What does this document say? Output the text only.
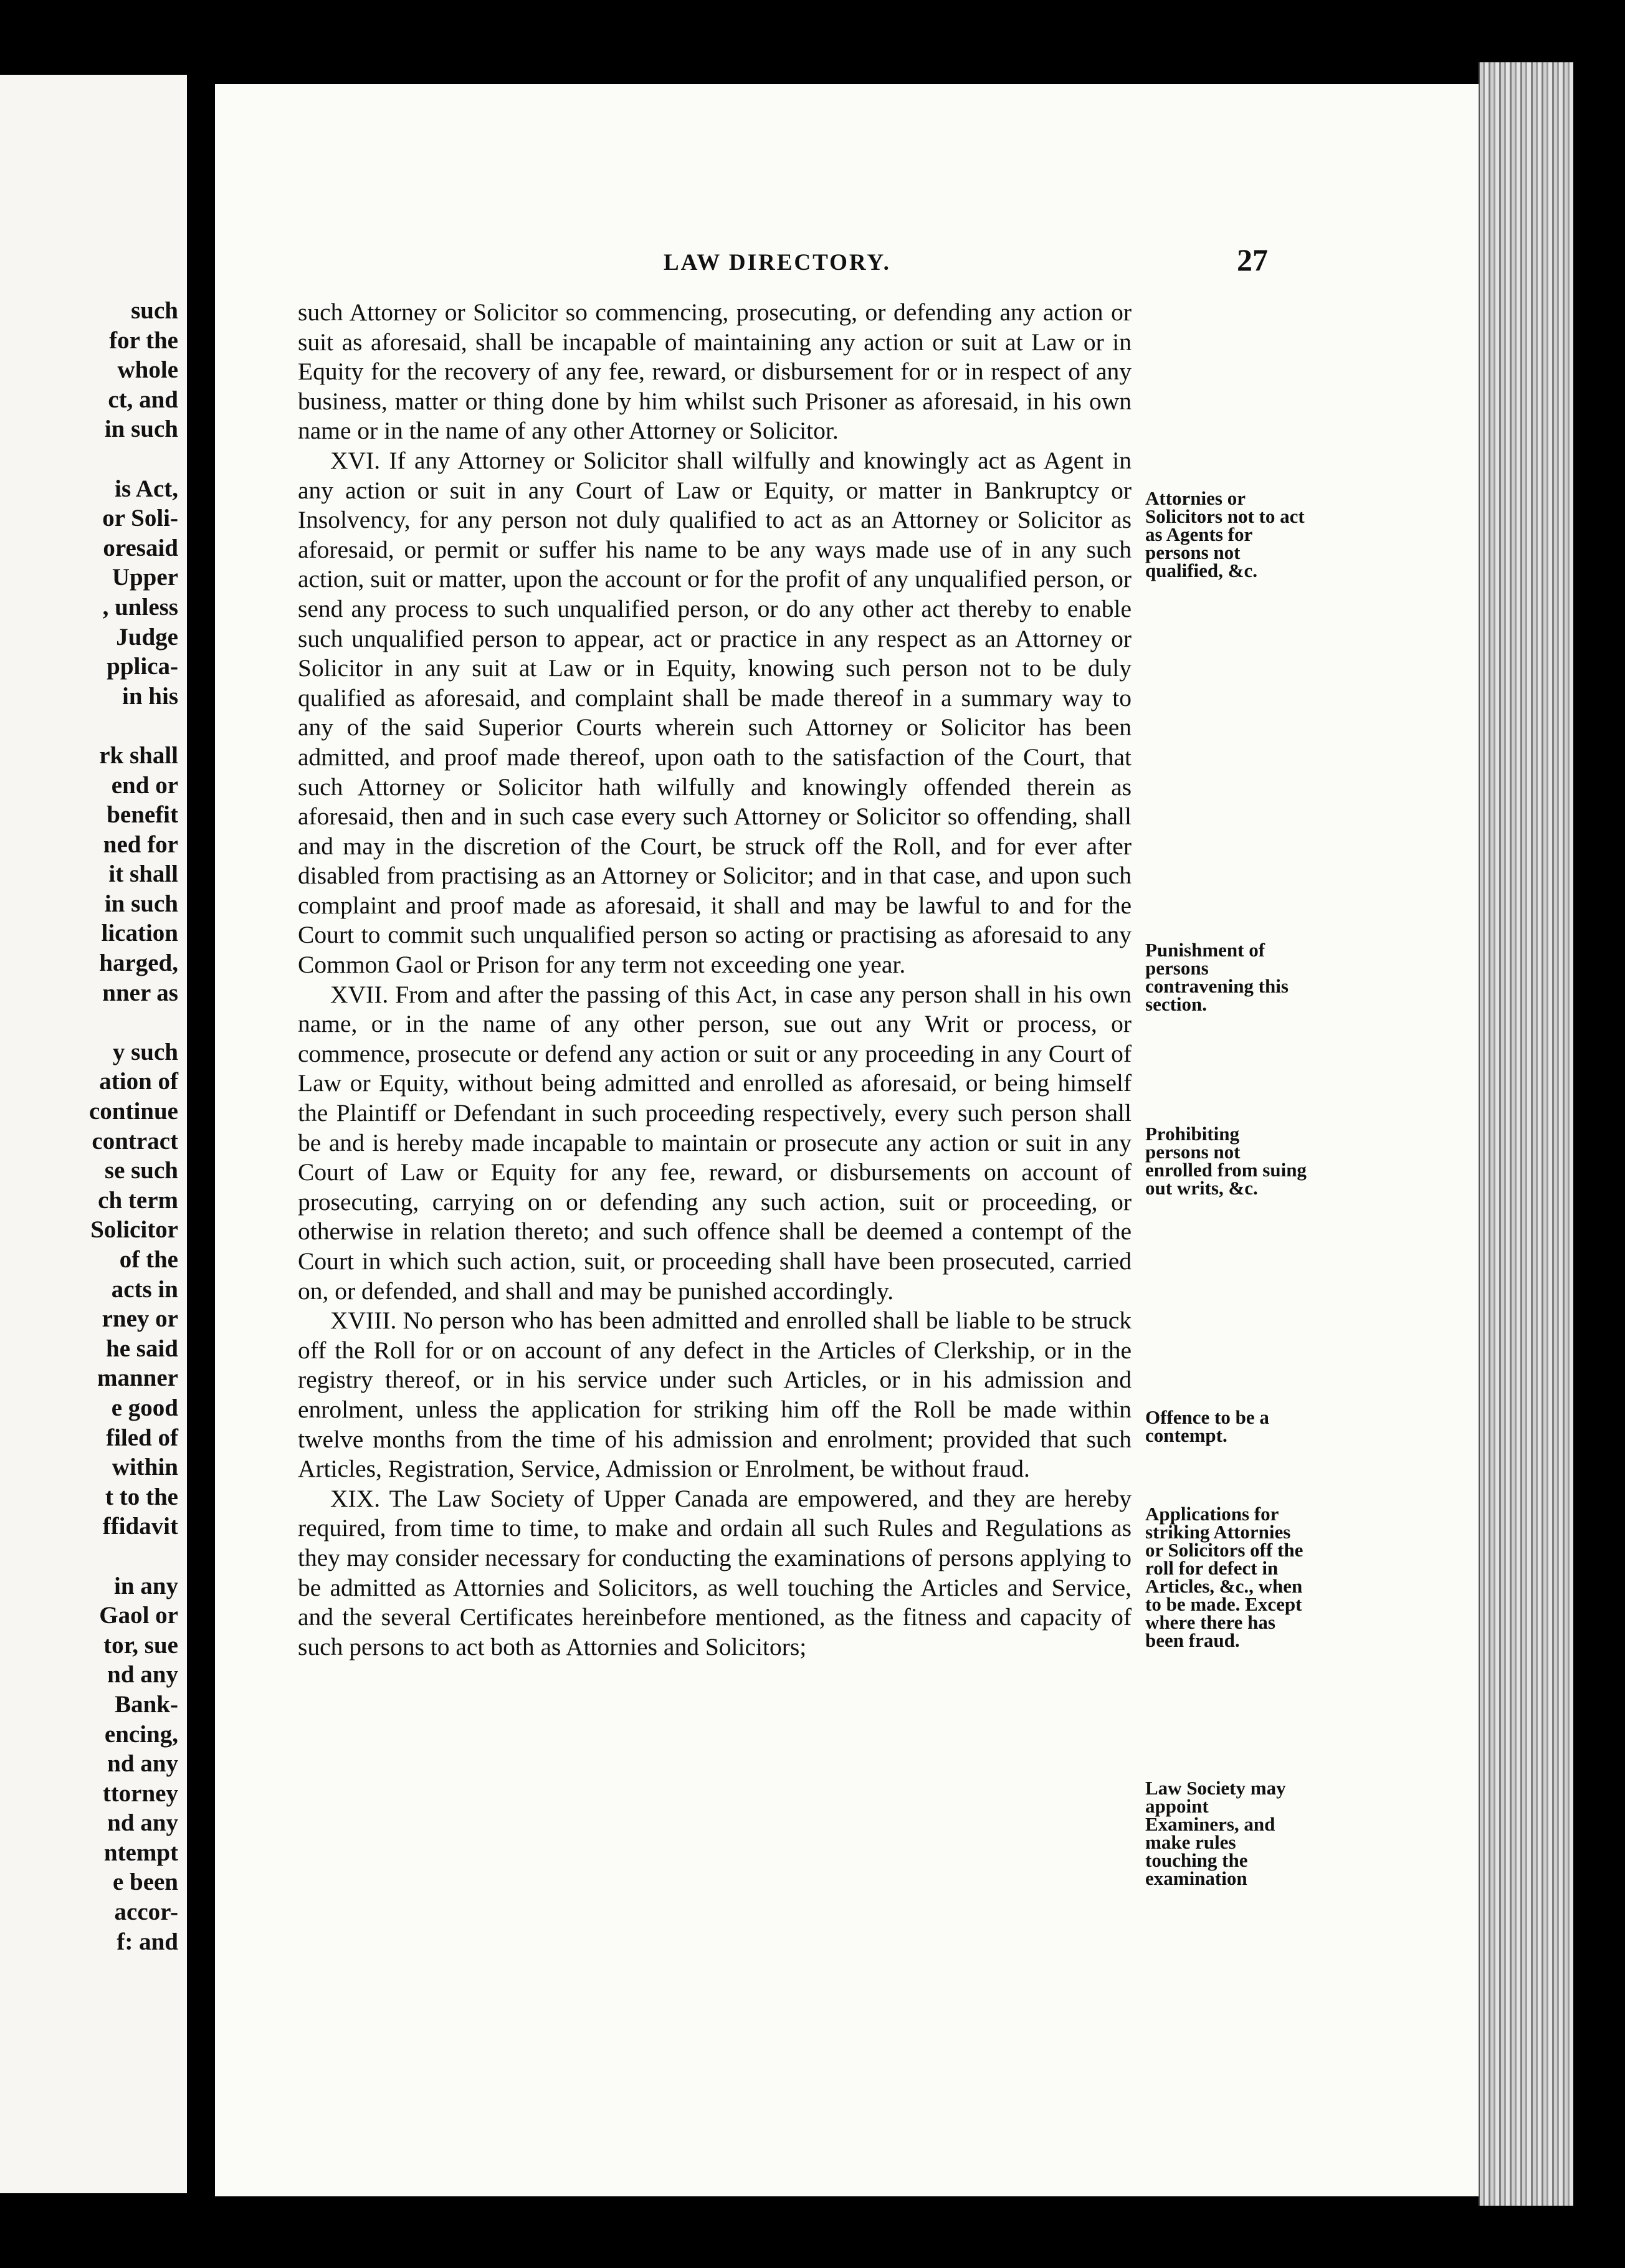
such
for the
whole
ct, and
in such
is Act,
or Soli-
oresaid
Upper
, unless
Judge
pplica-
in his
rk shall
end or
benefit
ned for
it shall
in such
lication
harged,
nner as
y such
ation of
continue
contract
se such
ch term
Solicitor
of the
acts in
rney or
he said
manner
e good
filed of
within
t to the
ffidavit
in any
Gaol or
tor, sue
nd any
Bank-
encing,
nd any
ttorney
nd any
ntempt
e been
accor-
f: and
LAW DIRECTORY.	27

such Attorney or Solicitor so commencing, prosecuting, or defending any action or suit as aforesaid, shall be incapable of maintaining any action or suit at Law or in Equity for the recovery of any fee, reward, or disbursement for or in respect of any business, matter or thing done by him whilst such Prisoner as aforesaid, in his own name or in the name of any other Attorney or Solicitor.

XVI. If any Attorney or Solicitor shall wilfully and knowingly act as Agent in any action or suit in any Court of Law or Equity, or matter in Bankruptcy or Insolvency, for any person not duly qualified to act as an Attorney or Solicitor as aforesaid, or permit or suffer his name to be any ways made use of in any such action, suit or matter, upon the account or for the profit of any unqualified person, or send any process to such unqualified person, or do any other act thereby to enable such unqualified person to appear, act or practice in any respect as an Attorney or Solicitor in any suit at Law or in Equity, knowing such person not to be duly qualified as aforesaid, and complaint shall be made thereof in a summary way to any of the said Superior Courts wherein such Attorney or Solicitor has been admitted, and proof made thereof, upon oath to the satisfaction of the Court, that such Attorney or Solicitor hath wilfully and knowingly offended therein as aforesaid, then and in such case every such Attorney or Solicitor so offending, shall and may in the discretion of the Court, be struck off the Roll, and for ever after disabled from practising as an Attorney or Solicitor; and in that case, and upon such complaint and proof made as aforesaid, it shall and may be lawful to and for the Court to commit such unqualified person so acting or practising as aforesaid to any Common Gaol or Prison for any term not exceeding one year.

XVII. From and after the passing of this Act, in case any person shall in his own name, or in the name of any other person, sue out any Writ or process, or commence, prosecute or defend any action or suit or any proceeding in any Court of Law or Equity, without being admitted and enrolled as aforesaid, or being himself the Plaintiff or Defendant in such proceeding respectively, every such person shall be and is hereby made incapable to maintain or prosecute any action or suit in any Court of Law or Equity for any fee, reward, or disbursements on account of prosecuting, carrying on or defending any such action, suit or proceeding, or otherwise in relation thereto; and such offence shall be deemed a contempt of the Court in which such action, suit, or proceeding shall have been prosecuted, carried on, or defended, and shall and may be punished accordingly.

XVIII. No person who has been admitted and enrolled shall be liable to be struck off the Roll for or on account of any defect in the Articles of Clerkship, or in the registry thereof, or in his service under such Articles, or in his admission and enrolment, unless the application for striking him off the Roll be made within twelve months from the time of his admission and enrolment; provided that such Articles, Registration, Service, Admission or Enrolment, be without fraud.

XIX. The Law Society of Upper Canada are empowered, and they are hereby required, from time to time, to make and ordain all such Rules and Regulations as they may consider necessary for conducting the examinations of persons applying to be admitted as Attornies and Solicitors, as well touching the Articles and Service, and the several Certificates hereinbefore mentioned, as the fitness and capacity of such persons to act both as Attornies and Solicitors;

Attornies or Solicitors not to act as Agents for persons not qualified, &c.
Punishment of persons contravening this section.
Prohibiting persons not enrolled from suing out writs, &c.
Offence to be a contempt.
Applications for striking Attornies or Solicitors off the roll for defect in Articles, &c., when to be made. Except where there has been fraud.
Law Society may appoint Examiners, and make rules touching the examination
